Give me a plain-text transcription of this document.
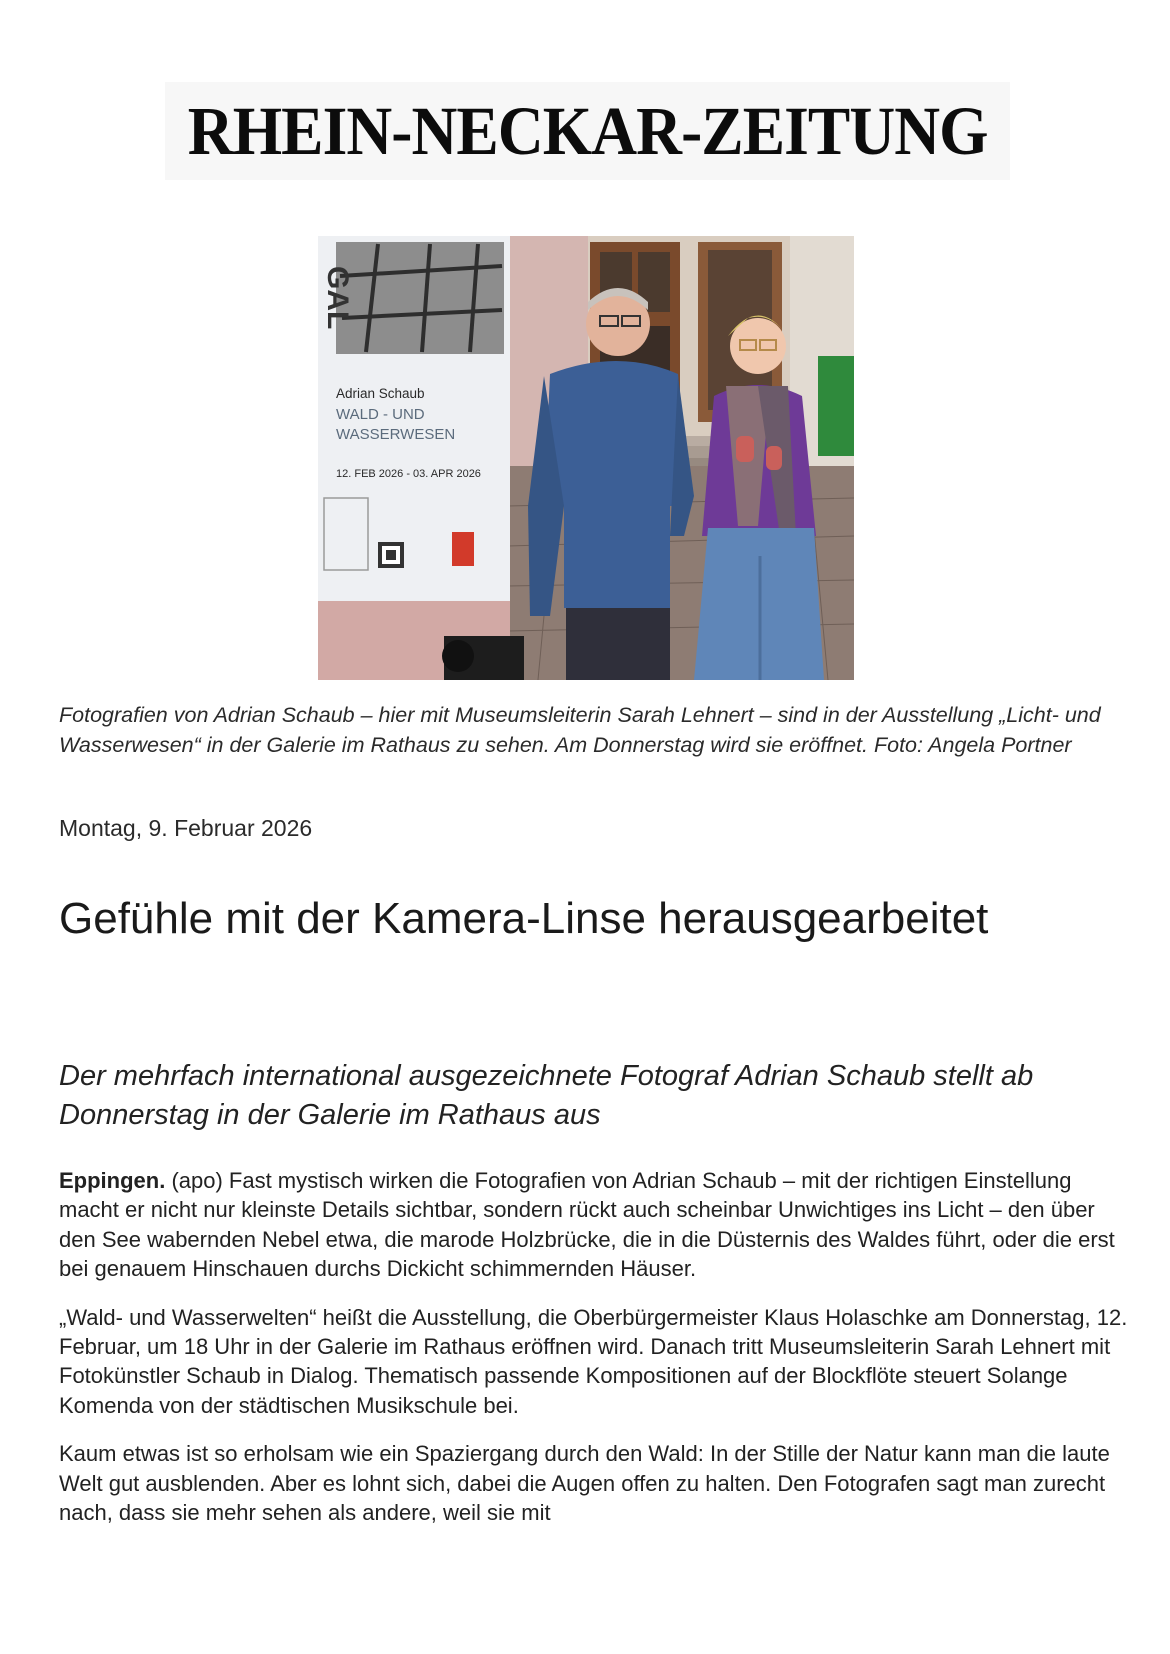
RHEIN-NECKAR-ZEITUNG
GAL
Adrian Schaub
WALD - UND
WASSERWESEN
12. FEB 2026 - 03. APR 2026

Fotografien von Adrian Schaub – hier mit Museumsleiterin Sarah Lehnert – sind in der Ausstellung „Licht- und Wasserwesen“ in der Galerie im Rathaus zu sehen. Am Donnerstag wird sie eröffnet. Foto: Angela Portner

Montag, 9. Februar 2026

Gefühle mit der Kamera-Linse herausgearbeitet
Der mehrfach international ausgezeichnete Fotograf Adrian Schaub stellt ab Donnerstag in der Galerie im Rathaus aus

Eppingen. (apo) Fast mystisch wirken die Fotografien von Adrian Schaub – mit der richtigen Einstellung macht er nicht nur kleinste Details sichtbar, sondern rückt auch scheinbar Unwichtiges ins Licht – den über den See wabernden Nebel etwa, die marode Holzbrücke, die in die Düsternis des Waldes führt, oder die erst bei genauem Hinschauen durchs Dickicht schimmernden Häuser.

„Wald- und Wasserwelten“ heißt die Ausstellung, die Oberbürgermeister Klaus Holaschke am Donnerstag, 12. Februar, um 18 Uhr in der Galerie im Rathaus eröffnen wird. Danach tritt Museumsleiterin Sarah Lehnert mit Fotokünstler Schaub in Dialog. Thematisch passende Kompositionen auf der Blockflöte steuert Solange Komenda von der städtischen Musikschule bei.

Kaum etwas ist so erholsam wie ein Spaziergang durch den Wald: In der Stille der Natur kann man die laute Welt gut ausblenden. Aber es lohnt sich, dabei die Augen offen zu halten. Den Fotografen sagt man zurecht nach, dass sie mehr sehen als andere, weil sie mit
